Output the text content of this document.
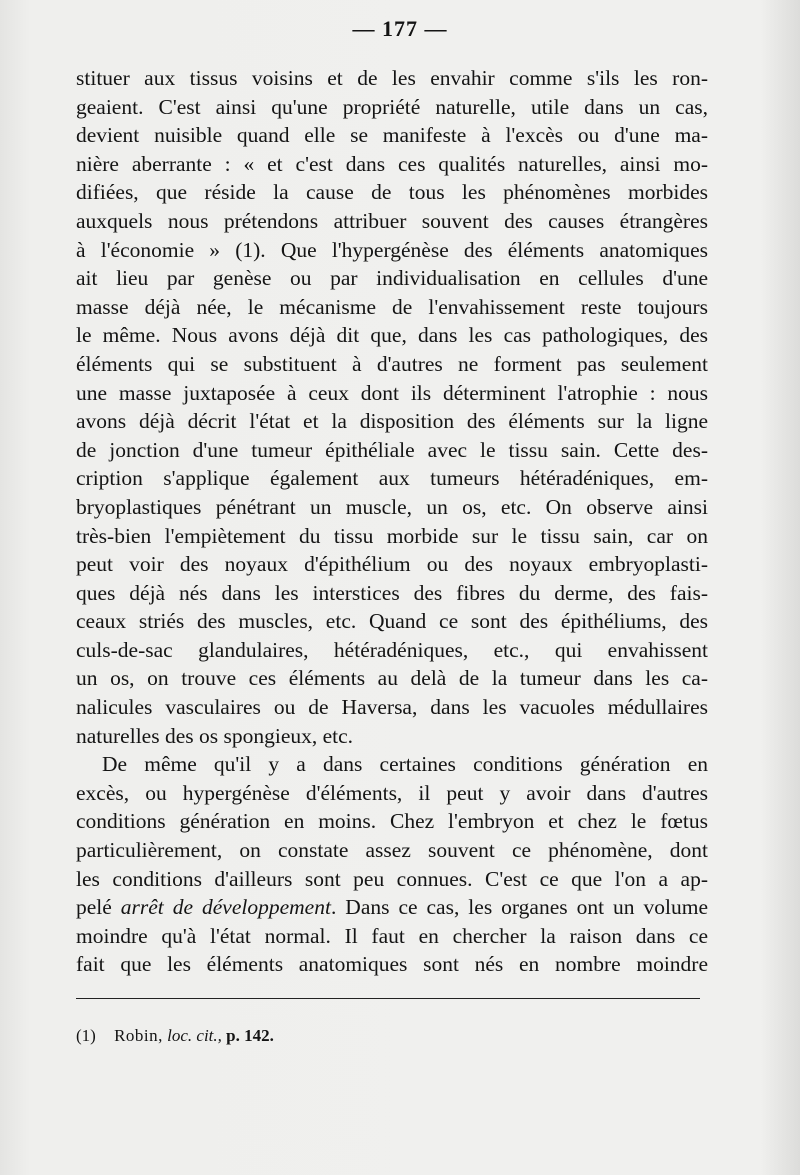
— 177 —
stituer aux tissus voisins et de les envahir comme s'ils les ron-
geaient. C'est ainsi qu'une propriété naturelle, utile dans un cas,
devient nuisible quand elle se manifeste à l'excès ou d'une ma-
nière aberrante : « et c'est dans ces qualités naturelles, ainsi mo-
difiées, que réside la cause de tous les phénomènes morbides
auxquels nous prétendons attribuer souvent des causes étrangères
à l'économie » (1). Que l'hypergénèse des éléments anatomiques
ait lieu par genèse ou par individualisation en cellules d'une
masse déjà née, le mécanisme de l'envahissement reste toujours
le même. Nous avons déjà dit que, dans les cas pathologiques, des
éléments qui se substituent à d'autres ne forment pas seulement
une masse juxtaposée à ceux dont ils déterminent l'atrophie : nous
avons déjà décrit l'état et la disposition des éléments sur la ligne
de jonction d'une tumeur épithéliale avec le tissu sain. Cette des-
cription s'applique également aux tumeurs hétéradéniques, em-
bryoplastiques pénétrant un muscle, un os, etc. On observe ainsi
très-bien l'empiètement du tissu morbide sur le tissu sain, car on
peut voir des noyaux d'épithélium ou des noyaux embryoplasti-
ques déjà nés dans les interstices des fibres du derme, des fais-
ceaux striés des muscles, etc. Quand ce sont des épithéliums, des
culs-de-sac glandulaires, hétéradéniques, etc., qui envahissent
un os, on trouve ces éléments au delà de la tumeur dans les ca-
nalicules vasculaires ou de Haversa, dans les vacuoles médullaires
naturelles des os spongieux, etc.
De même qu'il y a dans certaines conditions génération en
excès, ou hypergénèse d'éléments, il peut y avoir dans d'autres
conditions génération en moins. Chez l'embryon et chez le fœtus
particulièrement, on constate assez souvent ce phénomène, dont
les conditions d'ailleurs sont peu connues. C'est ce que l'on a ap-
pelé arrêt de développement. Dans ce cas, les organes ont un volume
moindre qu'à l'état normal. Il faut en chercher la raison dans ce
fait que les éléments anatomiques sont nés en nombre moindre
(1) Robin, loc. cit., p. 142.
